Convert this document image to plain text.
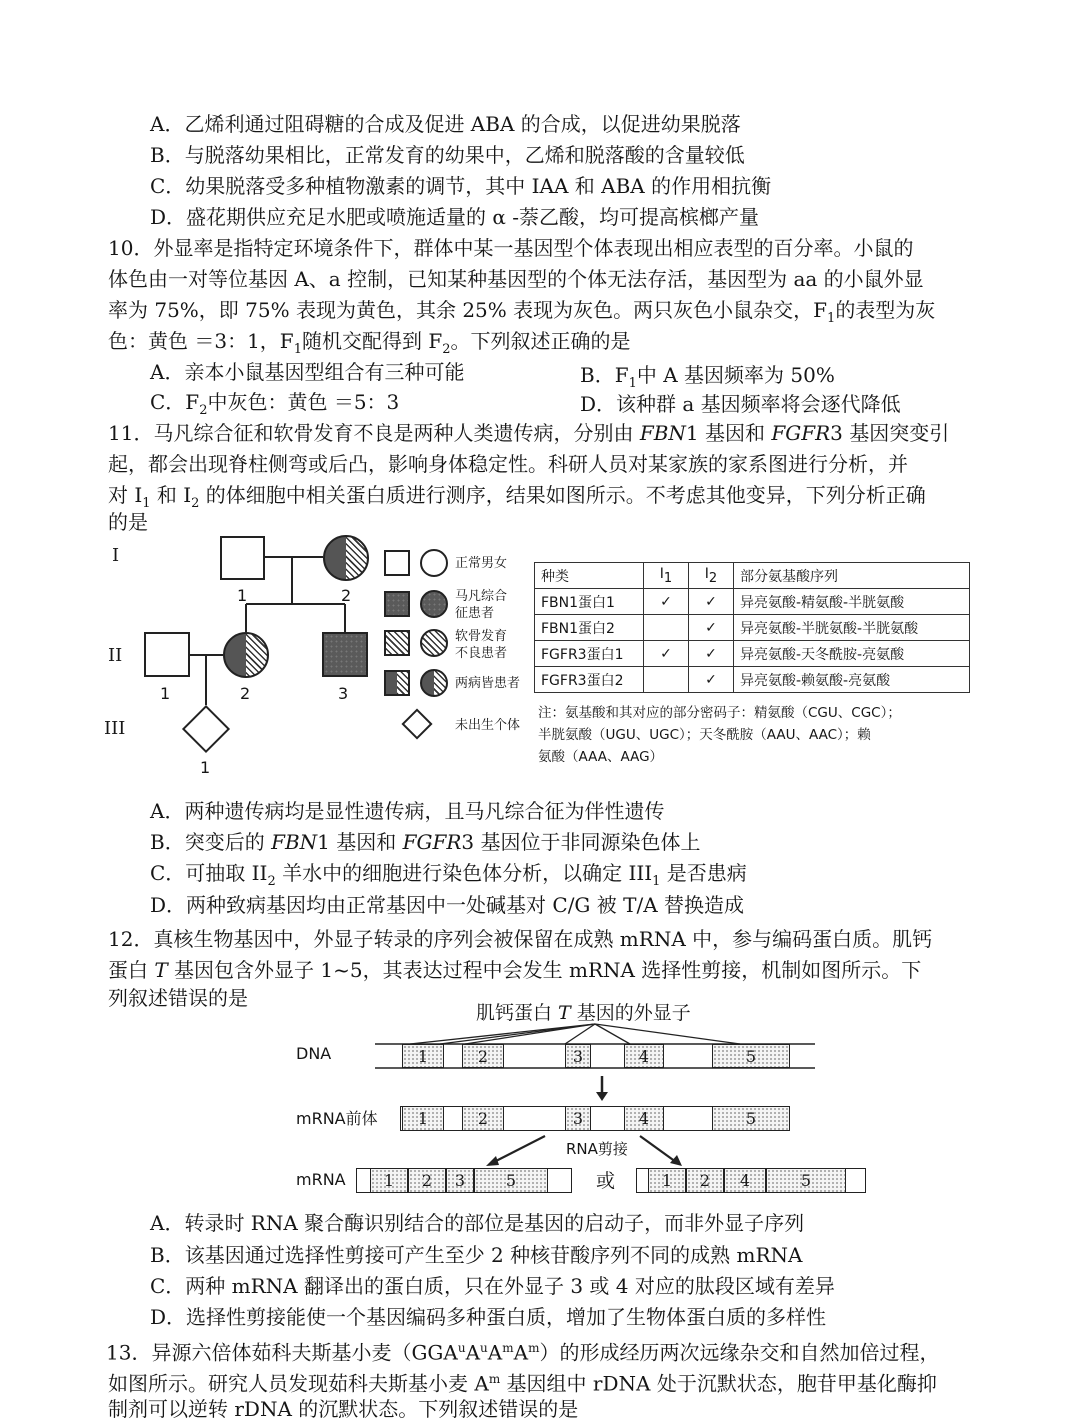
A．乙烯利通过阻碍糖的合成及促进 ABA 的合成，以促进幼果脱落
B．与脱落幼果相比，正常发育的幼果中，乙烯和脱落酸的含量较低
C．幼果脱落受多种植物激素的调节，其中 IAA 和 ABA 的作用相抗衡
D．盛花期供应充足水肥或喷施适量的 α -萘乙酸，均可提高槟榔产量
10．外显率是指特定环境条件下，群体中某一基因型个体表现出相应表型的百分率。小鼠的
体色由一对等位基因 A、a 控制，已知某种基因型的个体无法存活，基因型为 aa 的小鼠外显
率为 75%，即 75% 表现为黄色，其余 25% 表现为灰色。两只灰色小鼠杂交，$F_1$的表型为灰
色：黄色 ＝3：1，$F_1$随机交配得到 $F_2$。下列叙述正确的是
A．亲本小鼠基因型组合有三种可能	B．$F_1$中 A 基因频率为 50%
C．$F_2$中灰色：黄色 ＝5：3	D．该种群 a 基因频率将会逐代降低
11．马凡综合征和软骨发育不良是两种人类遗传病，分别由 FBN1 基因和 FGFR3 基因突变引
起，都会出现脊柱侧弯或后凸，影响身体稳定性。科研人员对某家族的家系图进行分析，并
对 $I_1$ 和 $I_2$ 的体细胞中相关蛋白质进行测序，结果如图所示。不考虑其他变异，下列分析正确
的是
I
II
III
1	2
1	2	3
1
正常男女
马凡综合
征患者
软骨发育
不良患者
两病皆患者
未出生个体
种类	$I_1$	$I_2$	部分氨基酸序列
FBN1蛋白1	✓	✓	异亮氨酸-精氨酸-半胱氨酸
FBN1蛋白2		✓	异亮氨酸-半胱氨酸-半胱氨酸
FGFR3蛋白1	✓	✓	异亮氨酸-天冬酰胺-亮氨酸
FGFR3蛋白2		✓	异亮氨酸-赖氨酸-亮氨酸
注：氨基酸和其对应的部分密码子：精氨酸（CGU、CGC）；
半胱氨酸（UGU、UGC）；天冬酰胺（AAU、AAC）；赖
氨酸（AAA、AAG）
A．两种遗传病均是显性遗传病，且马凡综合征为伴性遗传
B．突变后的 FBN1 基因和 FGFR3 基因位于非同源染色体上
C．可抽取 $II_2$ 羊水中的细胞进行染色体分析，以确定 $III_1$ 是否患病
D．两种致病基因均由正常基因中一处碱基对 C/G 被 T/A 替换造成
12．真核生物基因中，外显子转录的序列会被保留在成熟 mRNA 中，参与编码蛋白质。肌钙
蛋白 T 基因包含外显子 1~5，其表达过程中会发生 mRNA 选择性剪接，机制如图所示。下
列叙述错误的是
肌钙蛋白 T 基因的外显子
DNA	1	2	3	4	5
mRNA前体	1	2	3	4	5
RNA剪接
mRNA	1	2	3	5	或	1	2	4	5
A．转录时 RNA 聚合酶识别结合的部位是基因的启动子，而非外显子序列
B．该基因通过选择性剪接可产生至少 2 种核苷酸序列不同的成熟 mRNA
C．两种 mRNA 翻译出的蛋白质，只在外显子 3 或 4 对应的肽段区域有差异
D．选择性剪接能使一个基因编码多种蛋白质，增加了生物体蛋白质的多样性
13．异源六倍体茹科夫斯基小麦$(GGA^uA^uA^mA^m)$的形成经历两次远缘杂交和自然加倍过程，
如图所示。研究人员发现茹科夫斯基小麦 $A^m$ 基因组中 rDNA 处于沉默状态，胞苷甲基化酶抑
制剂可以逆转 rDNA 的沉默状态。下列叙述错误的是
